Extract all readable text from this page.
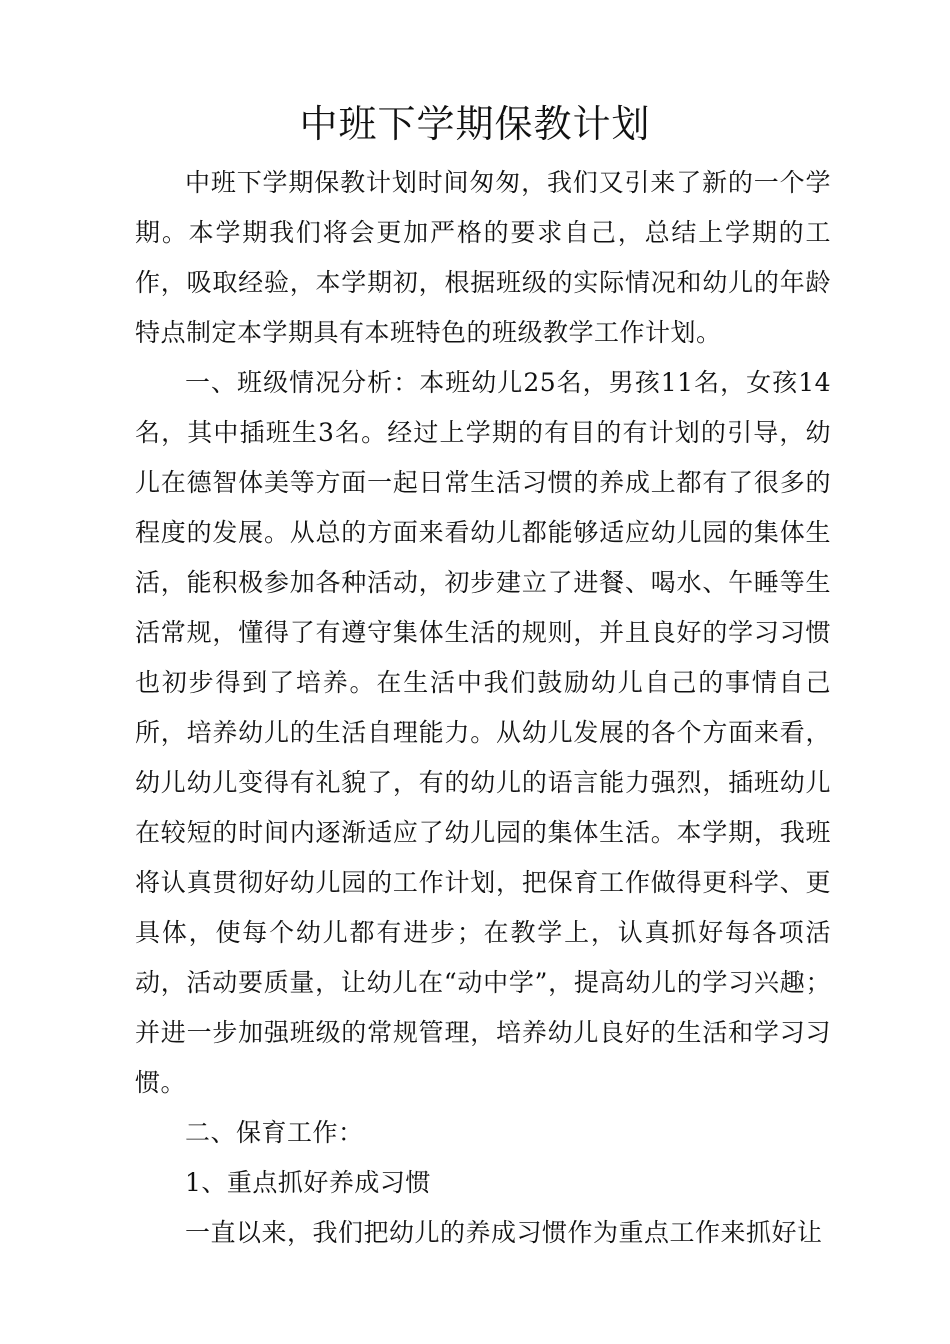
中班下学期保教计划

中班下学期保教计划时间匆匆，我们又引来了新的一个学期。本学期我们将会更加严格的要求自己，总结上学期的工作，吸取经验，本学期初，根据班级的实际情况和幼儿的年龄特点制定本学期具有本班特色的班级教学工作计划。

一、班级情况分析：本班幼儿25名，男孩11名，女孩14名，其中插班生3名。经过上学期的有目的有计划的引导，幼儿在德智体美等方面一起日常生活习惯的养成上都有了很多的程度的发展。从总的方面来看幼儿都能够适应幼儿园的集体生活，能积极参加各种活动，初步建立了进餐、喝水、午睡等生活常规，懂得了有遵守集体生活的规则，并且良好的学习习惯也初步得到了培养。在生活中我们鼓励幼儿自己的事情自己所，培养幼儿的生活自理能力。从幼儿发展的各个方面来看，幼儿幼儿变得有礼貌了，有的幼儿的语言能力强烈，插班幼儿在较短的时间内逐渐适应了幼儿园的集体生活。本学期，我班将认真贯彻好幼儿园的工作计划，把保育工作做得更科学、更具体，使每个幼儿都有进步；在教学上，认真抓好每各项活动，活动要质量，让幼儿在“动中学”，提高幼儿的学习兴趣；并进一步加强班级的常规管理，培养幼儿良好的生活和学习习惯。

二、保育工作：

1、重点抓好养成习惯

一直以来，我们把幼儿的养成习惯作为重点工作来抓好让
